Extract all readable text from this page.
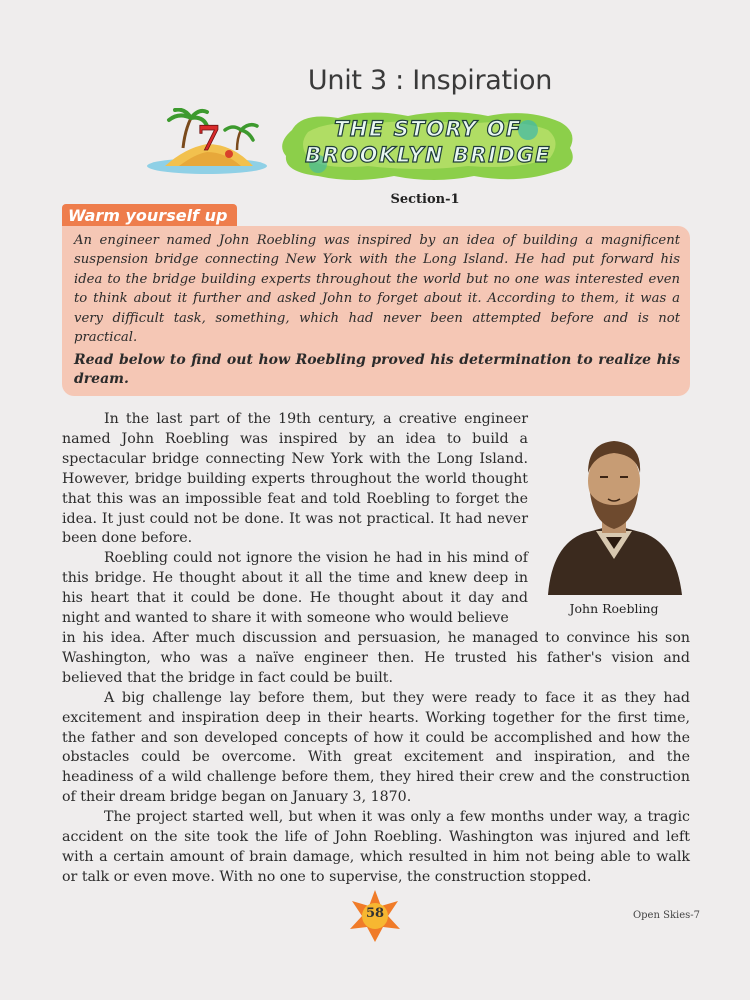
Unit 3 : Inspiration
7	THE STORY OF
BROOKLYN BRIDGE
Section-1
Warm yourself up

An engineer named John Roebling was inspired by an idea of building a magnificent suspension bridge connecting New York with the Long Island. He had put forward his idea to the bridge building experts throughout the world but no one was interested even to think about it further and asked John to forget about it. According to them, it was a very difficult task, something, which had never been attempted before and is not practical.

Read below to find out how Roebling proved his determination to realize his dream.

John Roebling

In the last part of the 19th century, a creative engineer named John Roebling was inspired by an idea to build a spectacular bridge connecting New York with the Long Island. However, bridge building experts throughout the world thought that this was an impossible feat and told Roebling to forget the idea. It just could not be done. It was not practical. It had never been done before.

Roebling could not ignore the vision he had in his mind of this bridge. He thought about it all the time and knew deep in his heart that it could be done. He thought about it day and night and wanted to share it with someone who would believe

in his idea. After much discussion and persuasion, he managed to convince his son Washington, who was a naïve engineer then. He trusted his father's vision and believed that the bridge in fact could be built.

A big challenge lay before them, but they were ready to face it as they had excitement and inspiration deep in their hearts. Working together for the first time, the father and son developed concepts of how it could be accomplished and how the obstacles could be overcome. With great excitement and inspiration, and the headiness of a wild challenge before them, they hired their crew and the construction of their dream bridge began on January 3, 1870.

The project started well, but when it was only a few months under way, a tragic accident on the site took the life of John Roebling. Washington was injured and left with a certain amount of brain damage, which resulted in him not being able to walk or talk or even move. With no one to supervise, the construction stopped.

58	Open Skies-7
